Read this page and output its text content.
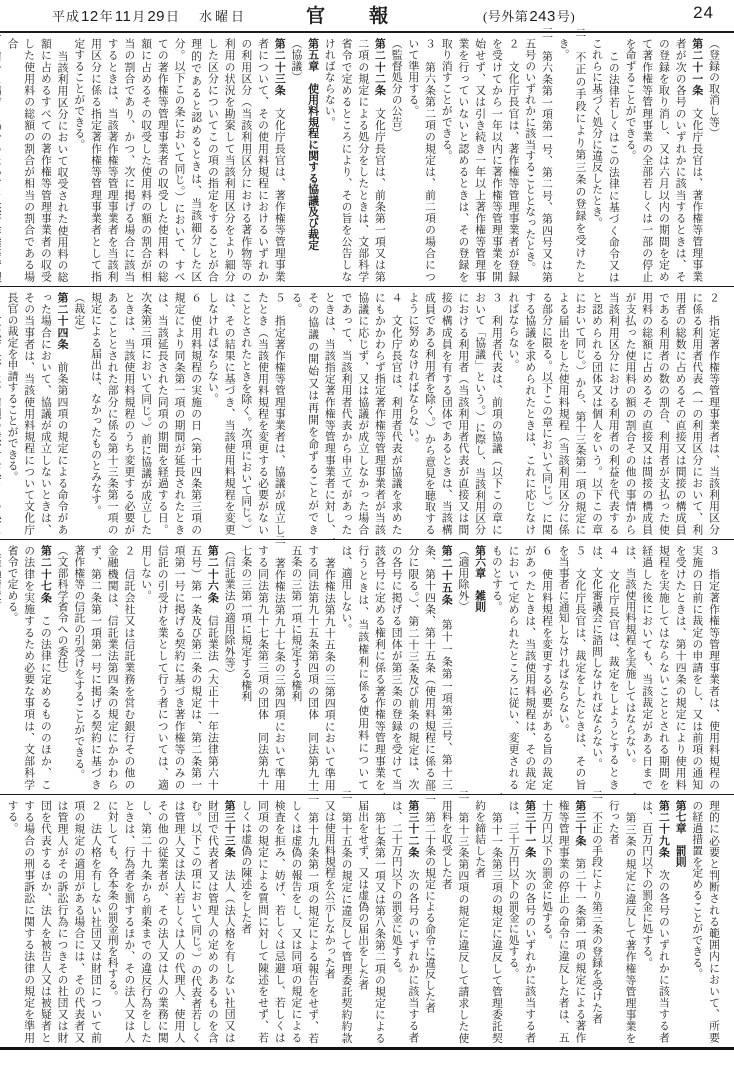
平成 12 年 11 月 29 日 水曜日	官 報	(号外第 243 号)	24

（登録の取消し等）

第二十一条　文化庁長官は、著作権等管理事業者が次の各号のいずれかに該当するときは、その登録を取り消し、又は六月以内の期間を定めて著作権等管理事業の全部若しくは一部の停止を命ずることができる。

一　この法律若しくはこの法律に基づく命令又はこれらに基づく処分に違反したとき。

二　不正の手段により第三条の登録を受けたとき。

三　第六条第一項第一号、第二号、第四号又は第五号のいずれかに該当することとなったとき。

２　文化庁長官は、著作権等管理事業者が登録を受けてから一年以内に著作権等管理事業を開始せず、又は引き続き一年以上著作権等管理事業を行っていないと認めるときは、その登録を取り消すことができる。

３　第六条第二項の規定は、前二項の場合について準用する。

（監督処分の公告）

第二十二条　文化庁長官は、前条第一項又は第二項の規定による処分をしたときは、文部科学省令で定めるところにより、その旨を公告しなければならない。

第五章　使用料規程に関する協議及び裁定

（協議）

第二十三条　文化庁長官は、著作権等管理事業者について、その使用料規程におけるいずれかの利用区分（当該利用区分における著作物等の利用の状況を勘案して当該利用区分をより細分した区分についてこの項の指定をすることが合理的であると認めるときは、当該細分した区分。以下この条において同じ。）において、すべての著作権等管理事業者の収受した使用料の総額に占めるその収受した使用料の額の割合が相当の割合であり、かつ、次に掲げる場合に該当するときは、当該著作権等管理事業者を当該利用区分に係る指定著作権等管理事業者として指定することができる。

一　当該利用区分において収受された使用料の総額に占めるすべての著作権等管理事業者の収受した使用料の総額の割合が相当の割合である場合

２　指定著作権等管理事業者は、当該利用区分に係る利用者代表（一の利用区分において、利用者の総数に占めるその直接又は間接の構成員である利用者の数の割合、利用者が支払った使用料の総額に占めるその直接又は間接の構成員が支払った使用料の額の割合その他の事情から当該利用区分における利用者の利益を代表すると認められる団体又は個人をいう。以下この章において同じ。）から、第十三条第一項の規定による届出をした使用料規程（当該利用区分に係る部分に限る。以下この章において同じ。）に関する協議を求められたときは、これに応じなければならない。

３　利用者代表は、前項の協議（以下この章において「協議」という。）に際し、当該利用区分における利用者（当該利用者代表が直接又は間接の構成員を有する団体であるときは、当該構成員である利用者を除く。）から意見を聴取するように努めなければならない。

４　文化庁長官は、利用者代表が協議を求めたにもかかわらず指定著作権等管理事業者が当該協議に応じず、又は協議が成立しなかった場合であって、当該利用者代表から申立てがあったときは、当該指定著作権等管理事業者に対し、その協議の開始又は再開を命ずることができる。

５　指定著作権等管理事業者は、協議が成立したとき（当該使用料規程を変更する必要がないこととされたときを除く。次項において同じ。）は、その結果に基づき、当該使用料規程を変更しなければならない。

６　使用料規程の実施の日（第十四条第三項の規定により同条第一項の期間が延長されたときは、当該延長された同項の期間を経過する日。次条第三項において同じ。）前に協議が成立したときは、当該使用料規程のうち変更する必要があることとされた部分に係る第十三条第一項の規定による届出は、なかったものとみなす。

（裁定）

第二十四条　前条第四項の規定による命令があった場合において、協議が成立しないときは、その当事者は、当該使用料規程について文化庁長官の裁定を申請することができる。

３　指定著作権等管理事業者は、使用料規程の実施の日前に裁定の申請をし、又は前項の通知を受けたときは、第十四条の規定により使用料規程を実施してはならないこととされる期間を経過した後においても、当該裁定がある日までは、当該使用料規程を実施してはならない。

４　文化庁長官は、裁定をしようとするときは、文化審議会に諮問しなければならない。

５　文化庁長官は、裁定をしたときは、その旨を当事者に通知しなければならない。

６　使用料規程を変更する必要がある旨の裁定があったときは、当該使用料規程は、その裁定において定められたところに従い、変更されるものとする。

第六章　雑則

（適用除外）

第二十五条　第十一条第一項第三号、第十三条、第十四条、第十五条（使用料規程に係る部分に限る。）、第二十三条及び前条の規定は、次の各号に掲げる団体が第三条の登録を受けて当該各号に定める権利に係る著作権等管理事業を行うときは、当該権利に係る使用料については、適用しない。

一　著作権法第九十五条の三第四項において準用する同法第九十五条第四項の団体　同法第九十五条の三第一項に規定する権利

二　著作権法第九十七条の三第四項において準用する同法第九十七条第三項の団体　同法第九十七条の三第一項に規定する権利

（信託業法の適用除外等）

第二十六条　信託業法（大正十一年法律第六十五号）第一条及び第二条の規定は、第二条第一項第一号に掲げる契約に基づき著作権等のみの信託の引受けを業として行う者については、適用しない。

２　信託会社又は信託業務を営む銀行その他の金融機関は、信託業法第四条の規定にかかわらず、第二条第一項第一号に掲げる契約に基づき著作権等の信託の引受けをすることができる。

（文部科学省令への委任）

第二十七条　この法律に定めるもののほか、この法律を実施するため必要な事項は、文部科学省令で定める。

理的に必要と判断される範囲内において、所要の経過措置を定めることができる。

第七章　罰則

第二十九条　次の各号のいずれかに該当する者は、百万円以下の罰金に処する。

一　第三条の規定に違反して著作権等管理事業を行った者

二　不正の手段により第三条の登録を受けた者

第三十条　第二十一条第一項の規定による著作権等管理事業の停止の命令に違反した者は、五十万円以下の罰金に処する。

第三十一条　次の各号のいずれかに該当する者は、三十万円以下の罰金に処する。

一　第十一条第三項の規定に違反して管理委託契約を締結した者

二　第十三条第四項の規定に違反して請求した使用料を収受した者

三　第二十条の規定による命令に違反した者

第三十二条　次の各号のいずれかに該当する者は、二十万円以下の罰金に処する。

一　第七条第一項又は第八条第二項の規定による届出をせず、又は虚偽の届出をした者

二　第十五条の規定に違反して管理委託契約約款又は使用料規程を公示しなかった者

三　第十九条第一項の規定による報告をせず、若しくは虚偽の報告をし、又は同項の規定による検査を拒み、妨げ、若しくは忌避し、若しくは同項の規定による質問に対して陳述をせず、若しくは虚偽の陳述をした者

第三十三条　法人（法人格を有しない社団又は財団で代表者又は管理人の定めのあるものを含む。以下この項において同じ。）の代表者若しくは管理人又は法人若しくは人の代理人、使用人その他の従業者が、その法人又は人の業務に関し、第二十九条から前条までの違反行為をしたときは、行為者を罰するほか、その法人又は人に対しても、各本条の罰金刑を科する。

２　法人格を有しない社団又は財団について前項の規定の適用がある場合には、その代表者又は管理人がその訴訟行為につきその社団又は財団を代表するほか、法人を被告人又は被疑者とする場合の刑事訴訟に関する法律の規定を準用する。
